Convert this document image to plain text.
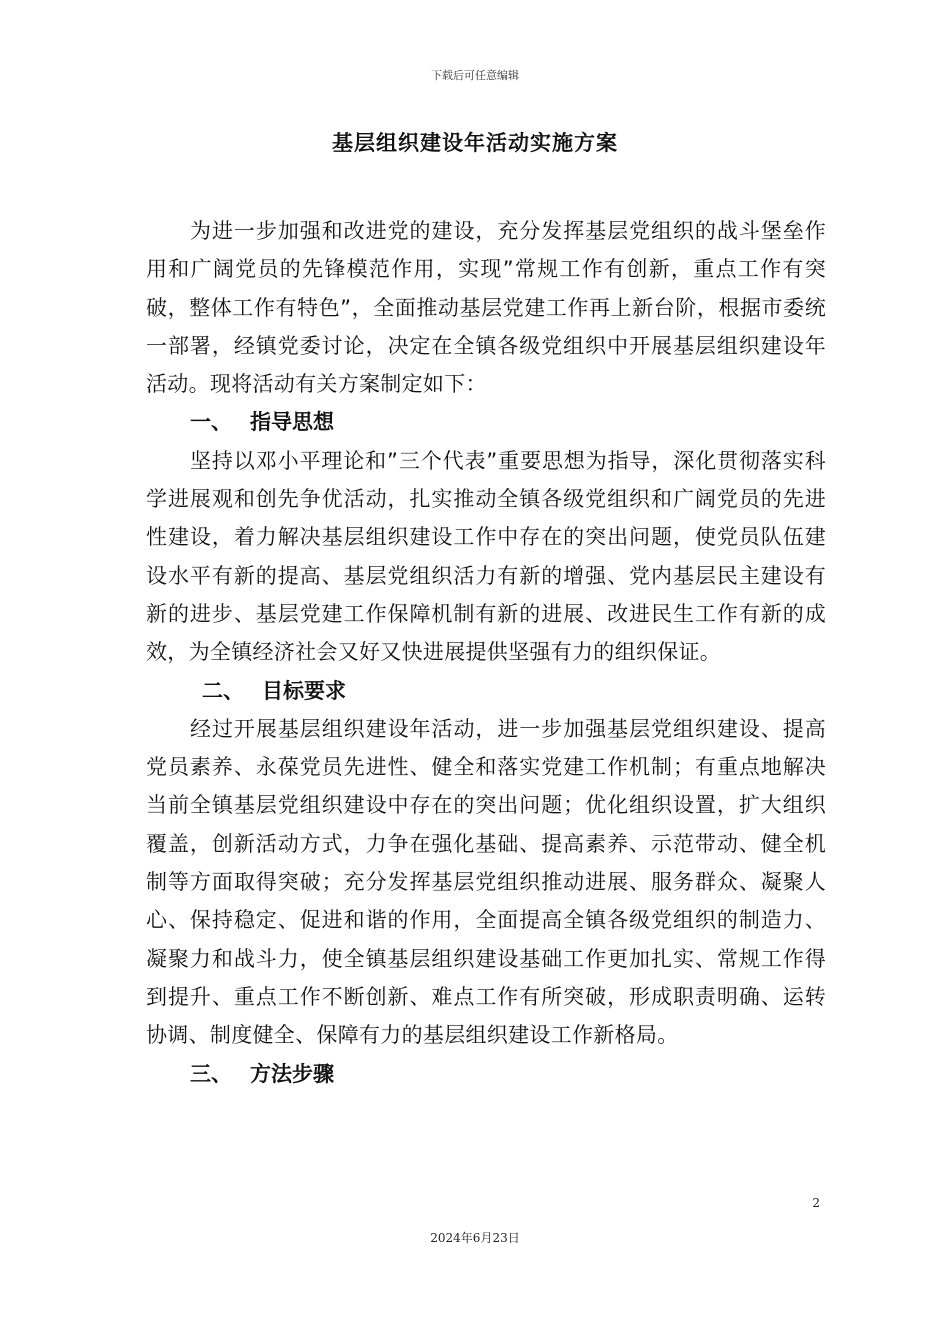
下载后可任意编辑
基层组织建设年活动实施方案

为进一步加强和改进党的建设，充分发挥基层党组织的战斗堡垒作用和广阔党员的先锋模范作用，实现”常规工作有创新，重点工作有突破，整体工作有特色”，全面推动基层党建工作再上新台阶，根据市委统一部署，经镇党委讨论，决定在全镇各级党组织中开展基层组织建设年活动。现将活动有关方案制定如下：

一、 指导思想

坚持以邓小平理论和”三个代表”重要思想为指导，深化贯彻落实科学进展观和创先争优活动，扎实推动全镇各级党组织和广阔党员的先进性建设，着力解决基层组织建设工作中存在的突出问题，使党员队伍建设水平有新的提高、基层党组织活力有新的增强、党内基层民主建设有新的进步、基层党建工作保障机制有新的进展、改进民生工作有新的成效，为全镇经济社会又好又快进展提供坚强有力的组织保证。

二、 目标要求

经过开展基层组织建设年活动，进一步加强基层党组织建设、提高党员素养、永葆党员先进性、健全和落实党建工作机制；有重点地解决当前全镇基层党组织建设中存在的突出问题；优化组织设置，扩大组织覆盖，创新活动方式，力争在强化基础、提高素养、示范带动、健全机制等方面取得突破；充分发挥基层党组织推动进展、服务群众、凝聚人心、保持稳定、促进和谐的作用，全面提高全镇各级党组织的制造力、凝聚力和战斗力，使全镇基层组织建设基础工作更加扎实、常规工作得到提升、重点工作不断创新、难点工作有所突破，形成职责明确、运转协调、制度健全、保障有力的基层组织建设工作新格局。

三、 方法步骤

2
2024年6月23日
